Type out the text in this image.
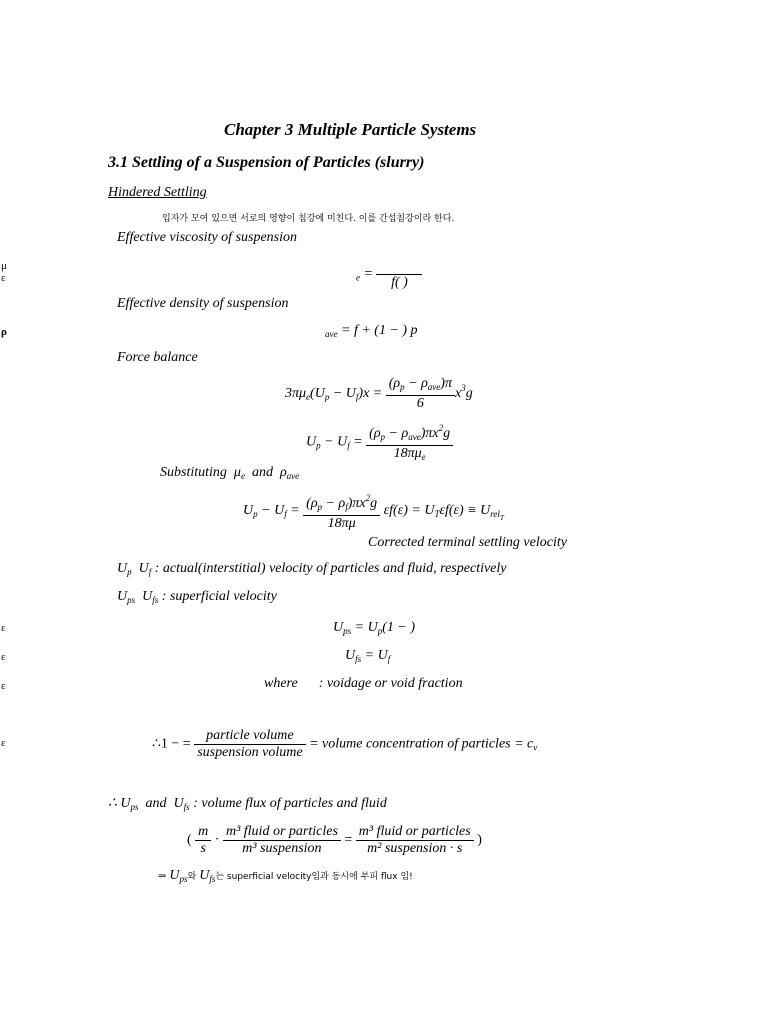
μ
ε
ρ
ε
ε
ε
ε
Chapter 3 Multiple Particle Systems
3.1 Settling of a Suspension of Particles (slurry)
Hindered Settling
입자가 모여 있으면 서로의 영향이 침강에 미친다. 이를 간섭침강이라 한다.
Effective viscosity of suspension
$_e$ =

f( )
Effective density of suspension
$_{ave}$ = f + (1 − ) p
Force balance
$3\pi\mu_e(U_p - U_f)x = \frac{(\rho_p - \rho_{ave})\pi}{6} x^3g$
$U_p - U_f = \frac{(\rho_p - \rho_{ave})\pi x^2g}{18\pi\mu_e}$
Substituting $\mu_e$ and $\rho_{ave}$
$U_p - U_f = \frac{(\rho_p - \rho_f)\pi x^2g}{18\pi\mu} \varepsilon f(\varepsilon) = U_T\varepsilon f(\varepsilon) \equiv U_{relT}$
Corrected terminal settling velocity
$U_p$ $U_f$ : actual(interstitial) velocity of particles and fluid, respectively
$U_{ps}$ $U_{fs}$ : superficial velocity
$U_{ps} = U_p(1$ − )
$U_{fs} = U_f$
where : voidage or void fraction
∴1 − = $\frac{\text{particle volume}}{\text{suspension volume}}$ = volume concentration of particles = $c_v$
∴ $U_{ps}$ and $U_{fs}$ : volume flux of particles and fluid
( $\frac{m}{s} \cdot \frac{\text{m³ fluid or particles}}{\text{m³ suspension}} = \frac{\text{m³ fluid or particles}}{\text{m² suspension · s}}$ )
⇒ $U_{ps}$와 $U_{fs}$는 superficial velocity임과 동시에 부피 flux 임!
